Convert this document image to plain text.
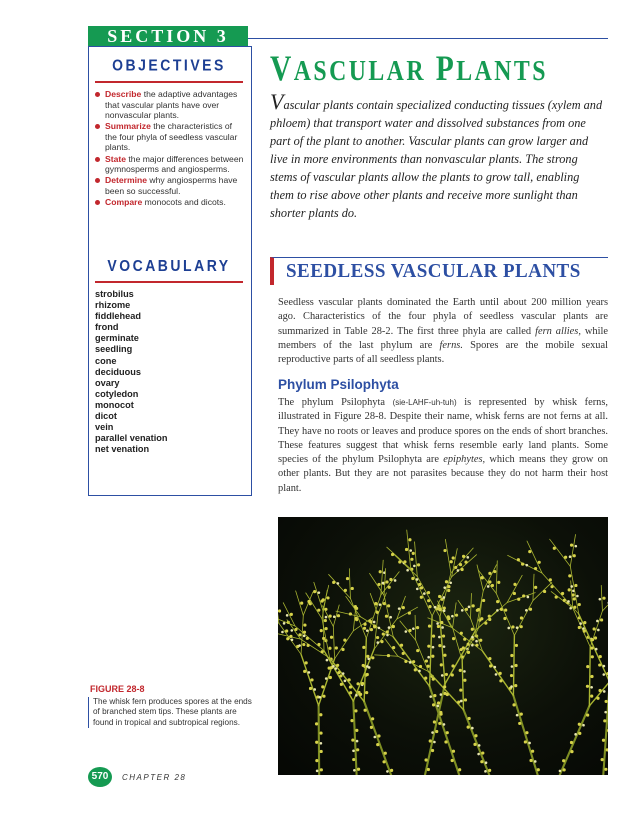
SECTION 3
OBJECTIVES
Describe the adaptive advantages that vascular plants have over nonvascular plants.
Summarize the characteristics of the four phyla of seedless vascular plants.
State the major differences between gymnosperms and angiosperms.
Determine why angiosperms have been so successful.
Compare monocots and dicots.
VOCABULARY
strobilus
rhizome
fiddlehead
frond
germinate
seedling
cone
deciduous
ovary
cotyledon
monocot
dicot
vein
parallel venation
net venation
FIGURE 28-8
The whisk fern produces spores at the ends of branched stem tips. These plants are found in tropical and subtropical regions.
570	CHAPTER 28
VASCULAR PLANTS
Vascular plants contain specialized conducting tissues (xylem and phloem) that transport water and dissolved substances from one part of the plant to another. Vascular plants can grow larger and live in more environments than nonvascular plants. The strong stems of vascular plants allow the plants to grow tall, enabling them to rise above other plants and receive more sunlight than shorter plants do.
SEEDLESS VASCULAR PLANTS

Seedless vascular plants dominated the Earth until about 200 million years ago. Characteristics of the four phyla of seedless vascular plants are summarized in Table 28-2. The first three phyla are called fern allies, while members of the last phylum are ferns. Spores are the mobile sexual reproductive parts of all seedless plants.

Phylum Psilophyta

The phylum Psilophyta (sie-LAHF-uh-tuh) is represented by whisk ferns, illustrated in Figure 28-8. Despite their name, whisk ferns are not ferns at all. They have no roots or leaves and produce spores on the ends of short branches. These features suggest that whisk ferns resemble early land plants. Some species of the phylum Psilophyta are epiphytes, which means they grow on other plants. But they are not parasites because they do not harm their host plant.
